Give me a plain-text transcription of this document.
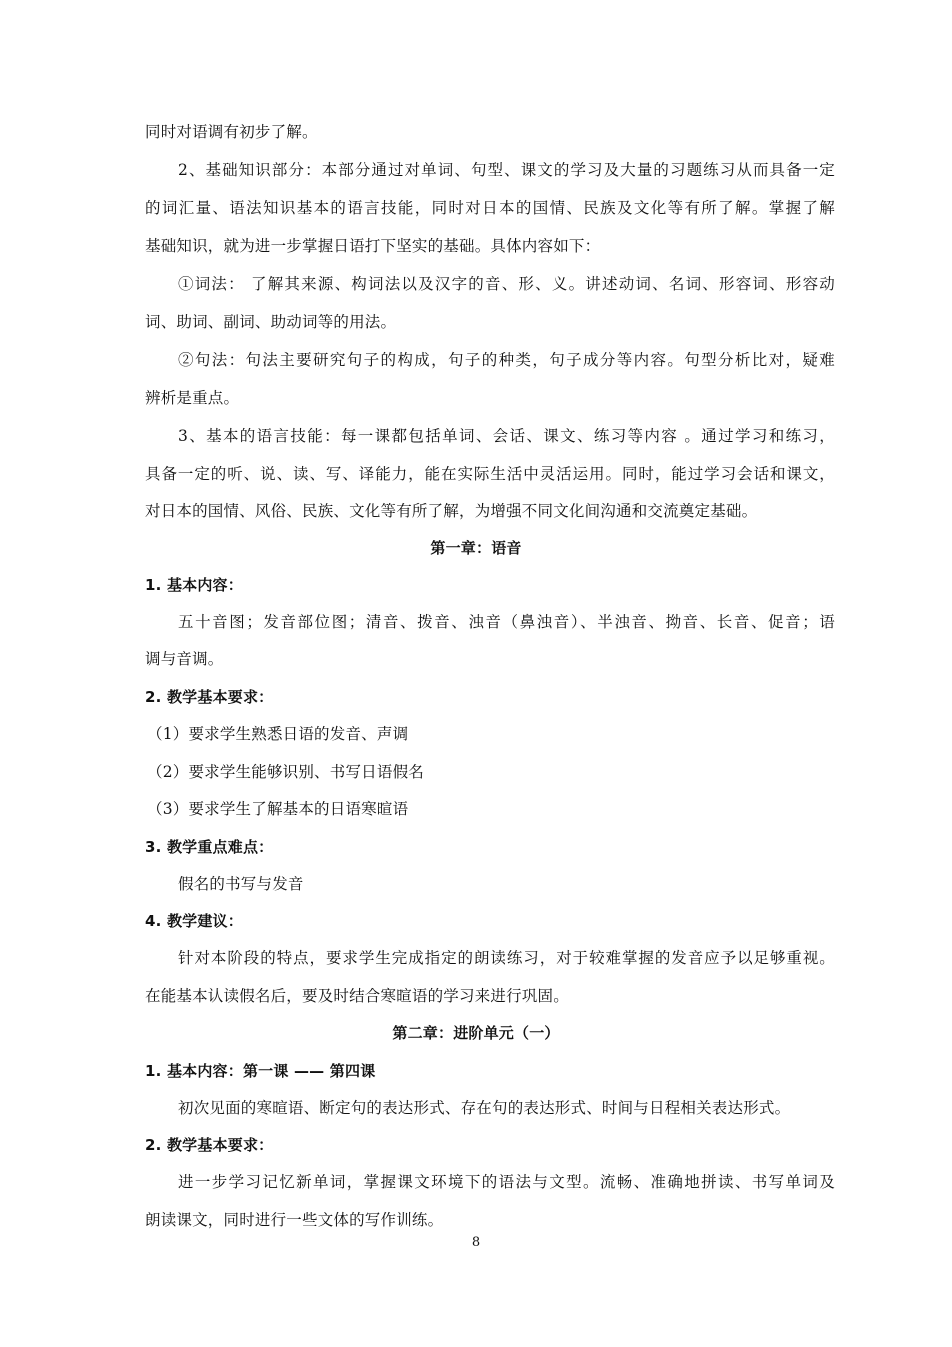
同时对语调有初步了解。
2、基础知识部分：本部分通过对单词、句型、课文的学习及大量的习题练习从而具备一定
的词汇量、语法知识基本的语言技能，同时对日本的国情、民族及文化等有所了解。掌握了解
基础知识，就为进一步掌握日语打下坚实的基础。具体内容如下：
①词法： 了解其来源、构词法以及汉字的音、形、义。讲述动词、名词、形容词、形容动
词、助词、副词、助动词等的用法。
②句法：句法主要研究句子的构成，句子的种类，句子成分等内容。句型分析比对，疑难
辨析是重点。
3、基本的语言技能：每一课都包括单词、会话、课文、练习等内容 。通过学习和练习，
具备一定的听、说、读、写、译能力，能在实际生活中灵活运用。同时，能过学习会话和课文，
对日本的国情、风俗、民族、文化等有所了解，为增强不同文化间沟通和交流奠定基础。
第一章：语音
1. 基本内容：
五十音图；发音部位图；清音、拨音、浊音（鼻浊音）、半浊音、拗音、长音、促音；语
调与音调。
2. 教学基本要求：
（1）要求学生熟悉日语的发音、声调
（2）要求学生能够识别、书写日语假名
（3）要求学生了解基本的日语寒暄语
3. 教学重点难点：
假名的书写与发音
4. 教学建议：
针对本阶段的特点，要求学生完成指定的朗读练习，对于较难掌握的发音应予以足够重视。
在能基本认读假名后，要及时结合寒暄语的学习来进行巩固。
第二章：进阶单元（一）
1. 基本内容：第一课 —— 第四课
初次见面的寒暄语、断定句的表达形式、存在句的表达形式、时间与日程相关表达形式。
2. 教学基本要求：
进一步学习记忆新单词，掌握课文环境下的语法与文型。流畅、准确地拼读、书写单词及
朗读课文，同时进行一些文体的写作训练。
8
